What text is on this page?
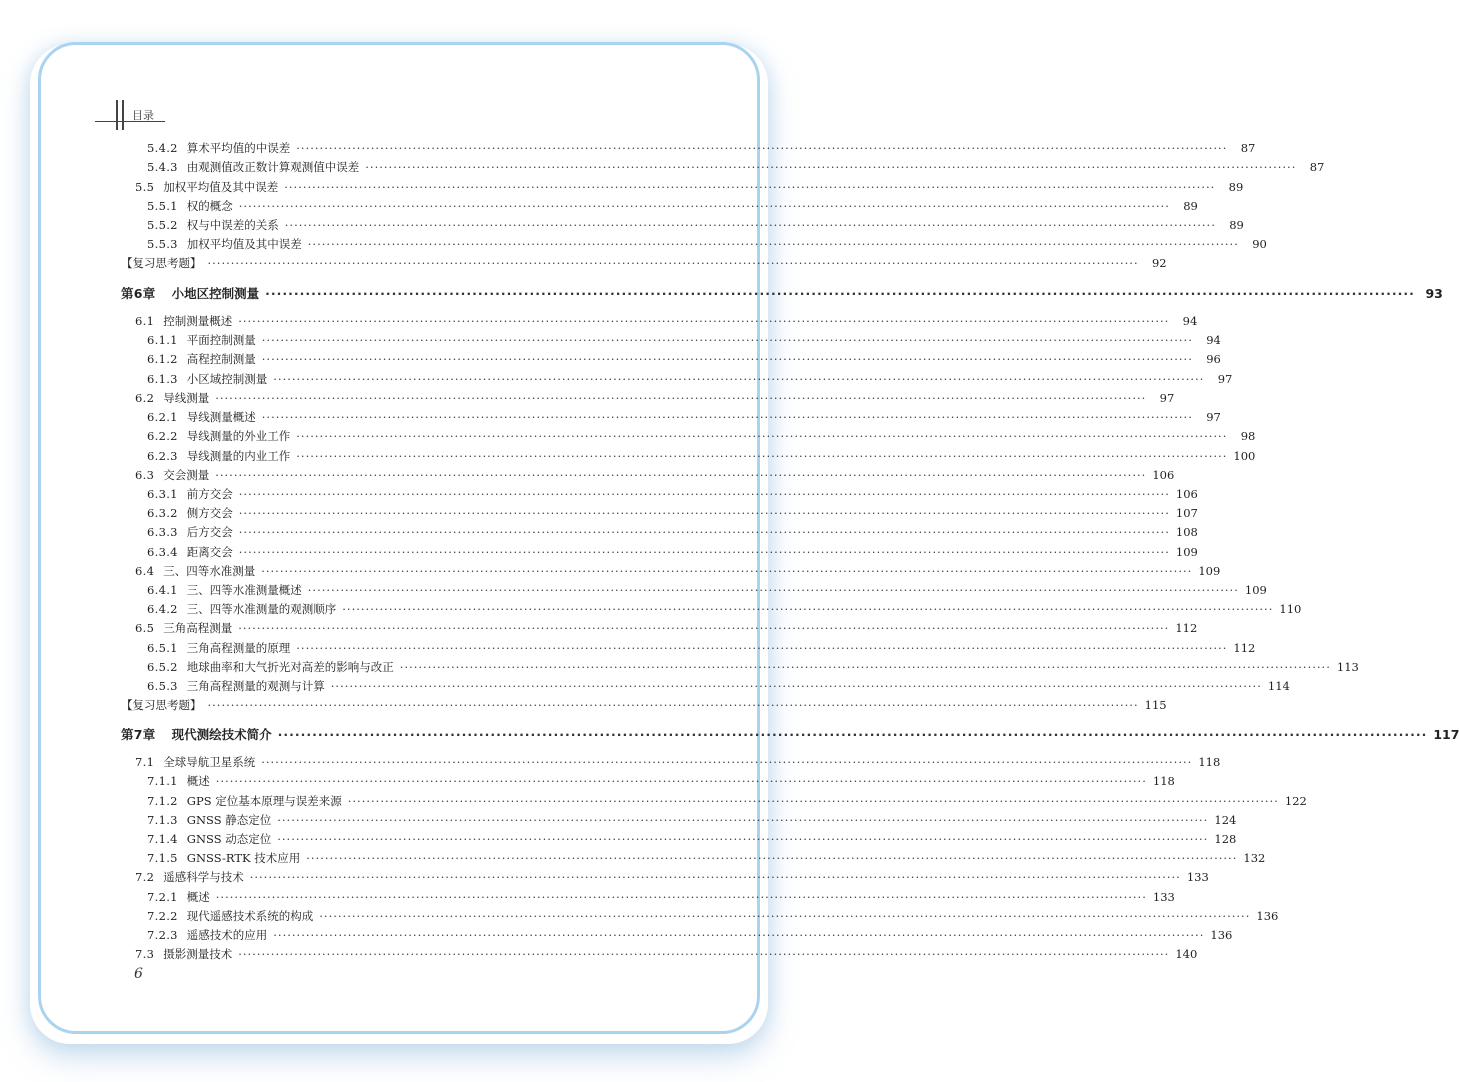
目录
5.4.2 算术平均值的中误差 ········································································································································································································	87
5.4.3 由观测值改正数计算观测值中误差 ········································································································································································································	87
5.5 加权平均值及其中误差 ········································································································································································································	89
5.5.1 权的概念 ········································································································································································································	89
5.5.2 权与中误差的关系 ········································································································································································································	89
5.5.3 加权平均值及其中误差 ········································································································································································································	90
【复习思考题】 ········································································································································································································	92
第6章 小地区控制测量 ········································································································································································································ 93
6.1 控制测量概述 ········································································································································································································	94
6.1.1 平面控制测量 ········································································································································································································	94
6.1.2 高程控制测量 ········································································································································································································	96
6.1.3 小区域控制测量 ········································································································································································································	97
6.2 导线测量 ········································································································································································································	97
6.2.1 导线测量概述 ········································································································································································································	97
6.2.2 导线测量的外业工作 ········································································································································································································	98
6.2.3 导线测量的内业工作 ········································································································································································································ 100
6.3 交会测量 ········································································································································································································ 106
6.3.1 前方交会 ········································································································································································································ 106
6.3.2 侧方交会 ········································································································································································································ 107
6.3.3 后方交会 ········································································································································································································ 108
6.3.4 距离交会 ········································································································································································································ 109
6.4 三、四等水准测量 ········································································································································································································ 109
6.4.1 三、四等水准测量概述 ········································································································································································································ 109
6.4.2 三、四等水准测量的观测顺序 ········································································································································································································ 110
6.5 三角高程测量 ········································································································································································································ 112
6.5.1 三角高程测量的原理 ········································································································································································································ 112
6.5.2 地球曲率和大气折光对高差的影响与改正 ········································································································································································································ 113
6.5.3 三角高程测量的观测与计算 ········································································································································································································ 114
【复习思考题】 ········································································································································································································ 115
第7章 现代测绘技术简介 ········································································································································································································ 117
7.1 全球导航卫星系统 ········································································································································································································ 118
7.1.1 概述 ········································································································································································································ 118
7.1.2 GPS 定位基本原理与误差来源 ········································································································································································································ 122
7.1.3 GNSS 静态定位 ········································································································································································································ 124
7.1.4 GNSS 动态定位 ········································································································································································································ 128
7.1.5 GNSS-RTK 技术应用 ········································································································································································································ 132
7.2 遥感科学与技术 ········································································································································································································ 133
7.2.1 概述 ········································································································································································································ 133
7.2.2 现代遥感技术系统的构成 ········································································································································································································ 136
7.2.3 遥感技术的应用 ········································································································································································································ 136
7.3 摄影测量技术 ········································································································································································································ 140
6
